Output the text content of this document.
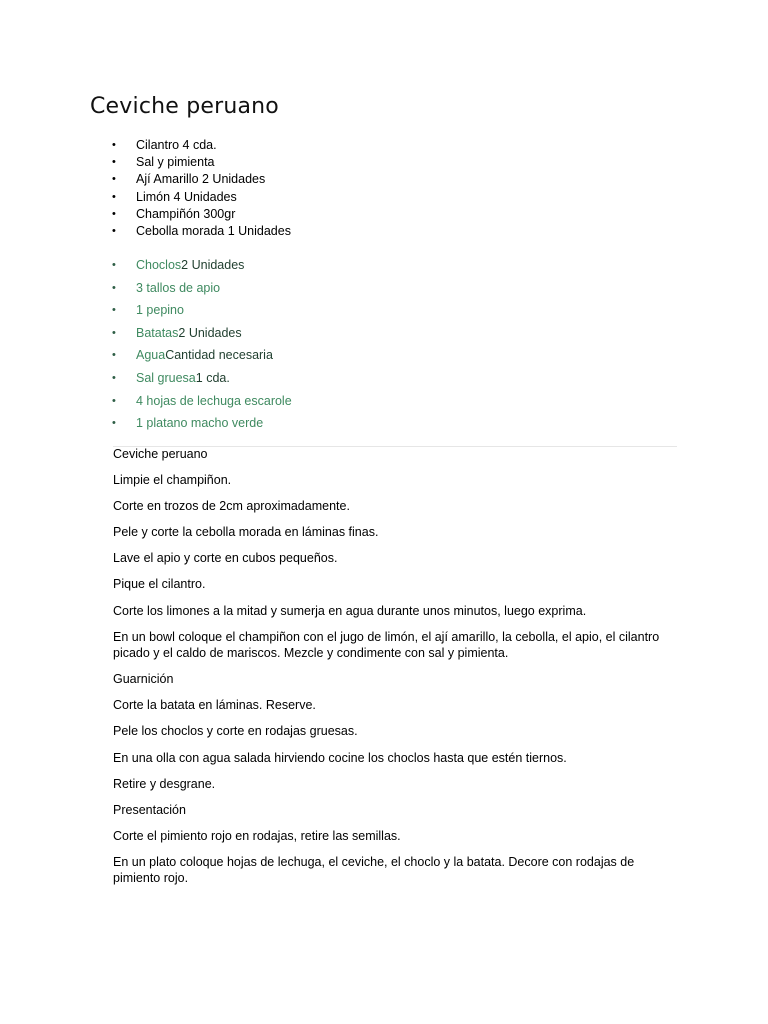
Ceviche peruano
• Cilantro 4 cda.
• Sal y pimienta
• Ají Amarillo 2 Unidades
• Limón 4 Unidades
• Champiñón 300gr
• Cebolla morada 1 Unidades
• Choclos2 Unidades
• 3 tallos de apio
• 1 pepino
• Batatas2 Unidades
• AguaCantidad necesaria
• Sal gruesa1 cda.
• 4 hojas de lechuga escarole
• 1 platano macho verde

Ceviche peruano

Limpie el champiñon.

Corte en trozos de 2cm aproximadamente.

Pele y corte la cebolla morada en láminas finas.

Lave el apio y corte en cubos pequeños.

Pique el cilantro.

Corte los limones a la mitad y sumerja en agua durante unos minutos, luego exprima.

En un bowl coloque el champiñon con el jugo de limón, el ají amarillo, la cebolla, el apio, el cilantro picado y el caldo de mariscos. Mezcle y condimente con sal y pimienta.

Guarnición

Corte la batata en láminas. Reserve.

Pele los choclos y corte en rodajas gruesas.

En una olla con agua salada hirviendo cocine los choclos hasta que estén tiernos.

Retire y desgrane.

Presentación

Corte el pimiento rojo en rodajas, retire las semillas.

En un plato coloque hojas de lechuga, el ceviche, el choclo y la batata. Decore con rodajas de pimiento rojo.
